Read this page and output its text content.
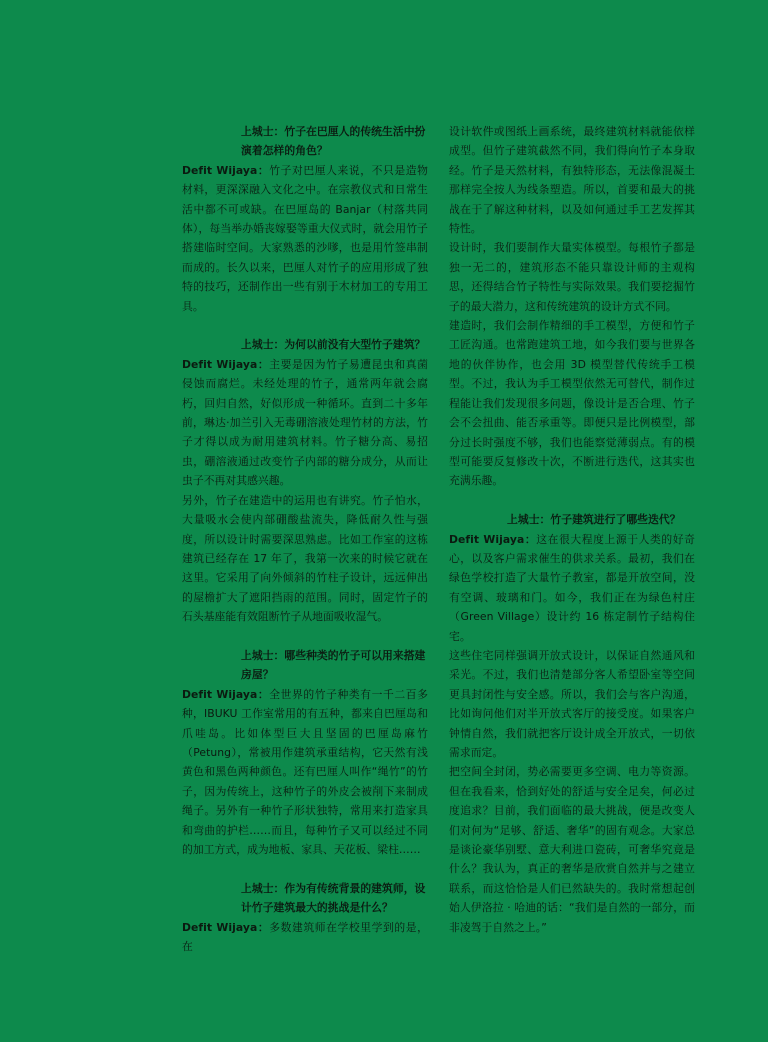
上城士：竹子在巴厘人的传统生活中扮演着怎样的角色？

Defit Wijaya：竹子对巴厘人来说，不只是造物材料，更深深融入文化之中。在宗教仪式和日常生活中都不可或缺。在巴厘岛的 Banjar（村落共同体），每当举办婚丧嫁娶等重大仪式时，就会用竹子搭建临时空间。大家熟悉的沙嗲，也是用竹签串制而成的。长久以来，巴厘人对竹子的应用形成了独特的技巧，还制作出一些有别于木材加工的专用工具。

上城士：为何以前没有大型竹子建筑？

Defit Wijaya：主要是因为竹子易遭昆虫和真菌侵蚀而腐烂。未经处理的竹子，通常两年就会腐朽，回归自然，好似形成一种循环。直到二十多年前，琳达·加兰引入无毒硼溶液处理竹材的方法，竹子才得以成为耐用建筑材料。竹子糖分高、易招虫，硼溶液通过改变竹子内部的糖分成分，从而让虫子不再对其感兴趣。

另外，竹子在建造中的运用也有讲究。竹子怕水，大量吸水会使内部硼酸盐流失，降低耐久性与强度，所以设计时需要深思熟虑。比如工作室的这栋建筑已经存在 17 年了，我第一次来的时候它就在这里。它采用了向外倾斜的竹柱子设计，远远伸出的屋檐扩大了遮阳挡雨的范围。同时，固定竹子的石头基座能有效阻断竹子从地面吸收湿气。

上城士：哪些种类的竹子可以用来搭建房屋？

Defit Wijaya：全世界的竹子种类有一千二百多种，IBUKU 工作室常用的有五种，都来自巴厘岛和爪哇岛。比如体型巨大且坚固的巴厘岛麻竹（Petung），常被用作建筑承重结构，它天然有浅黄色和黑色两种颜色。还有巴厘人叫作“绳竹”的竹子，因为传统上，这种竹子的外皮会被削下来制成绳子。另外有一种竹子形状独特，常用来打造家具和弯曲的护栏……而且，每种竹子又可以经过不同的加工方式，成为地板、家具、天花板、梁柱……

上城士：作为有传统背景的建筑师，设计竹子建筑最大的挑战是什么？

Defit Wijaya：多数建筑师在学校里学到的是，在

设计软件或图纸上画系统，最终建筑材料就能依样成型。但竹子建筑截然不同，我们得向竹子本身取经。竹子是天然材料，有独特形态，无法像混凝土那样完全按人为线条塑造。所以，首要和最大的挑战在于了解这种材料，以及如何通过手工艺发挥其特性。

设计时，我们要制作大量实体模型。每根竹子都是独一无二的，建筑形态不能只靠设计师的主观构思，还得结合竹子特性与实际效果。我们要挖掘竹子的最大潜力，这和传统建筑的设计方式不同。

建造时，我们会制作精细的手工模型，方便和竹子工匠沟通。也常跑建筑工地，如今我们要与世界各地的伙伴协作，也会用 3D 模型替代传统手工模型。不过，我认为手工模型依然无可替代，制作过程能让我们发现很多问题，像设计是否合理、竹子会不会扭曲、能否承重等。即便只是比例模型，部分过长时强度不够，我们也能察觉薄弱点。有的模型可能要反复修改十次，不断进行迭代，这其实也充满乐趣。

上城士：竹子建筑进行了哪些迭代？

Defit Wijaya：这在很大程度上源于人类的好奇心，以及客户需求催生的供求关系。最初，我们在绿色学校打造了大量竹子教室，都是开放空间，没有空调、玻璃和门。如今，我们正在为绿色村庄（Green Village）设计约 16 栋定制竹子结构住宅。

这些住宅同样强调开放式设计，以保证自然通风和采光。不过，我们也清楚部分客人希望卧室等空间更具封闭性与安全感。所以，我们会与客户沟通，比如询问他们对半开放式客厅的接受度。如果客户钟情自然，我们就把客厅设计成全开放式，一切依需求而定。

把空间全封闭，势必需要更多空调、电力等资源。但在我看来，恰到好处的舒适与安全足矣，何必过度追求？目前，我们面临的最大挑战，便是改变人们对何为“足够、舒适、奢华”的固有观念。大家总是谈论豪华别墅、意大利进口瓷砖，可奢华究竟是什么？我认为，真正的奢华是欣赏自然并与之建立联系，而这恰恰是人们已然缺失的。我时常想起创始人伊洛拉 · 哈迪的话：“我们是自然的一部分，而非凌驾于自然之上。”
